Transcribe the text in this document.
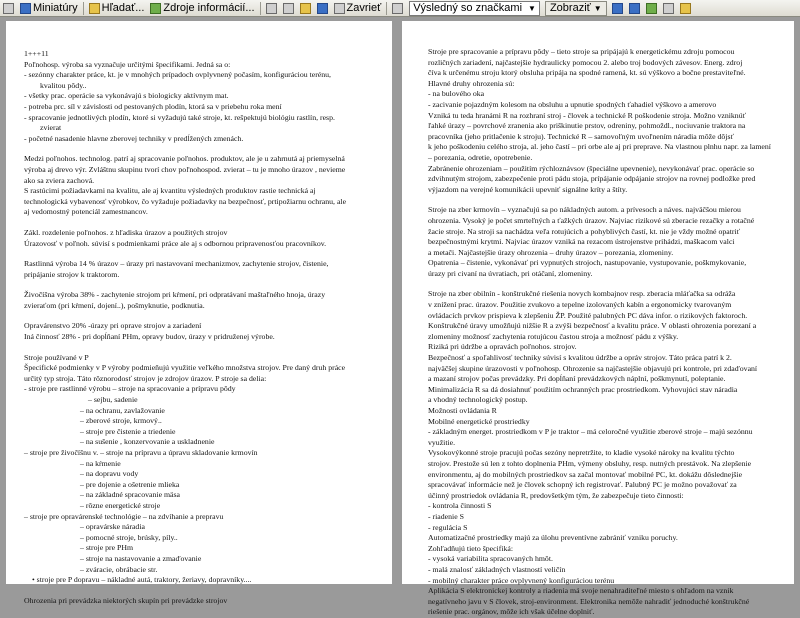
Miniatúry Hľadať... Zdroje informácií...	Zavrieť	Výsledný so značkami ▼ Zobraziť ▼
1+++11
Poľnohosp. výroba sa vyznačuje určitými špecifikami. Jedná sa o:
- sezónny charakter práce, kt. je v mnohých prípadoch ovplyvnený počasím, konfiguráciou terénu,
kvalitou pôdy..
- všetky prac. operácie sa vykonávajú s biologicky aktívnym mat.
- potreba prc. síl v závislosti od pestovaných plodín, ktorá sa v priebehu roka mení
- spracovanie jednotlivých plodín, ktoré si vyžadujú také stroje, kt. rešpektujú biológiu rastlín, resp.
zvierat
- početné nasadenie hlavne zberovej techniky v predĺžených zmenách.
Medzi poľnohos. technolog. patrí aj spracovanie poľnohos. produktov, ale je u zahrnutá aj priemyselná
výroba aj drevo výr. Zvláštnu skupinu tvorí chov poľnohospod. zvierat – tu je mnoho úrazov , nevieme
ako sa zviera zachová.
S rastúcimi požiadavkami na kvalitu, ale aj kvantitu výsledných produktov rastie technická aj
technologická vybavenosť výrobkov, čo vyžaduje požiadavky na bezpečnosť, prtipožiarnu ochranu, ale
aj vedomostný potenciál zamestnancov.
Zákl. rozdelenie poľnohos. z hľadiska úrazov a použitých strojov
Úrazovosť v poľnoh. súvisí s podmienkami práce ale aj s odbornou pripravenosťou pracovníkov.
Rastlinná výroba 14 % úrazov – úrazy pri nastavovaní mechanizmov, zachytenie strojov, čistenie,
pripájanie strojov k traktorom.
Živočíšna výroba 38% - zachytenie strojom pri kŕmení, pri odpratávaní maštaľného hnoja, úrazy
zvieraťom (pri kŕmení, dojení..), pošmyknutie, podknutia.
Opravárenstvo 20% -úrazy pri oprave strojov a zariadení
Iná činnosť 28% - pri dopĺňaní PHm, opravy budov, úrazy v pridruženej výrobe.
Stroje používané v P
Špecifické podmienky v P výroby podmieňujú využitie veľkého množstva strojov. Pre daný druh práce
určitý typ stroja. Táto rôznorodosť strojov je zdrojov úrazov. P stroje sa delia:
- stroje pre rastlinné výrobu – stroje na spracovanie a prípravu pôdy
– sejbu, sadenie
– na ochranu, zavlažovanie
– zberové stroje, krmový..
– stroje pre čistenie a triedenie
– na sušenie , konzervovanie a uskladnenie
– stroje pre živočíšnu v. – stroje na prípravu a úpravu skladovanie krmovín
– na kŕmenie
– na dopravu vody
– pre dojenie a ošetrenie mlieka
– na základné spracovanie mäsa
– rôzne energetické stroje
– stroje pre opravárenské technológie – na zdvíhanie a prepravu
– opravárske náradia
– pomocné stroje, brúsky, píly..
– stroje pre PHm
– stroje na nastavovanie a zmaďovanie
– zváracie, obrábacie str.
• stroje pre P dopravu – nákladné autá, traktory, žeriavy, dopravníky....
Ohrozenia pri prevádzka niektorých skupín pri prevádzke strojov
Stroje pre spracovanie a prípravu pôdy – tieto stroje sa pripájajú k energetickému zdroju pomocou
rozličných zariadení, najčastejšie hydraulicky pomocou 2. alebo troj bodových závesov. Energ. zdroj
číva k určenému stroju ktorý obsluha pripája na spodné ramená, kt. sú výškovo a bočne prestaviteľné.
Hlavné druhy ohrozenia sú:
- na bulového oka
- zacivanie pojazdným kolesom na obsluhu a upnutie spodných ťahadiel výškovo a amerovo
Vzniká tu teda hranámi R na rozhraní stroj - človek a technické R poškodenie stroja. Možno vzniknúť
ľahké úrazy – povrchové zranenia ako priškinutie prstov, odreniny, pohmoždl., nociuvanie traktora na
pracovníka (jeho pritlačenie k stroju). Technické R – samovoľným uvoľnením náradia môže dôjsť
k jeho poškodeniu celého stroja, al. jeho častí – pri orbe ale aj pri preprave. Na vlastnou plnhu napr. za lamení
– porezania, odretie, opotrebenie.
Zabránenie ohrozeniam – použitím rýchloznávsov (špeciálne upevnenie), nevykonávať prac. operácie so
zdvihnutým strojom, zabezpečenie proti pádu stoja, prípájanie odpájanie strojov na rovnej podložke pred
výjazdom na verejné komunikácii upevniť signálne kríty a štíty.
Stroje na zber krmovín – vyznačujú sa po nákladných autom. a prívesoch a náves. najväčšou mierou
ohrozenia. Vysoký je počet smrteľných a ťažkých úrazov. Najviac rizikové sú zberacie rezačky a rotačné
žacie stroje. Na stroji sa nachádza veľa rotujúcich a pohyblivých častí, kt. nie je vždy možné opatriť
bezpečnostnými krytmi. Najviac úrazov vzniká na rezacom ústrojenstve prihádzi, maškacom valci
a metači. Najčastejšie úrazy ohrozenia – druhy úrazov – porezania, zlomeniny.
Opatrenia – čistenie, vykonávať pri vypnutých strojoch, nastupovanie, vystupovanie, poškmykovanie,
úrazy pri civaní na úvratiach, pri otáčaní, zlomeniny.
Stroje na zber obilnín - konštrukčné riešenia novych kombajnov resp. zberacia mláťačka sa odráža
v znížení prac. úrazov. Použitie zvukovo a tepelne izolovaných kabín a ergonomicky tvarovaným
ovládacích prvkov prispieva k zlepšeniu ŽP. Použité palubných PC dáva infor. o rizikových faktoroch.
Konštrukčné úravy umožňujú nižšie R a zvýši bezpečnosť a kvalitu práce. V oblasti ohrozenia porezaní a
zlomeniny možnosť zachytenia rotujúcou častou stroja a možnosť pádu z výšky.
Riziká pri údržbe a opravách poľnohos. strojov.
Bezpečnosť a spoľahlivosť techniky súvisí s kvalitou údržbe a opráv strojov. Táto práca patrí k 2.
najväčšej skupine úrazovosti v poľnohosp. Ohrozenie sa najčastejšie objavujú pri kontrole, pri zdaďovaní
a mazaní strojov počas prevádzky. Pri dopĺňaní prevádzkových náplní, poškmynutí, poleptanie.
Minimalizácia R sa dá dosiahnuť použitím ochranných prac prostriedkom. Vyhovujúci stav náradia
a vhodný technologický postup.
Možnosti ovládania R
Mobilné energetické prostriedky
- základným energet. prostriedkom v P je traktor – má celoročné využitie zberové stroje – majú sezónnu
využitie.
Vysokovýkonné stroje pracujú počas sezóny nepretržite, to kladie vysoké nároky na kvalitu týchto
strojov. Prestože sú len z tohto doplnenia PHm, výmeny obsluhy, resp. nutných prestávok. Na zlepšenie
environmentu, aj do mobilných prostriedkov sa začal montovať mobilné PC, kt. dokážu dôslednejšie
spracovávať informácie než je človek schopný ich registrovať. Palubný PC je možno považovať za
účinný prostriedok ovládania R, predovšetkým tým, že zabezpečuje tieto činnosti:
- kontrola činnosti S
- riadenie S
- regulácia S
Automatizačné prostriedky majú za úlohu preventívne zabrániť vzniku poruchy.
Zohľadňujú tieto špecifiká:
- vysoká variabilita spracovaných hmôt.
- malá znalosť základných vlastností veličín
- mobilný charakter práce ovplyvnený konfiguráciou terénu
Aplikácia S elektronickej kontroly a riadenia má svoje nenahraditeľné miesto s ohľadom na vznik
negatívneho javu v S človek, stroj-environment. Elektronika nemôže nahradiť jednoduché konštrukčné
riešenie prac. orgánov, môže ich však účelne doplniť.
